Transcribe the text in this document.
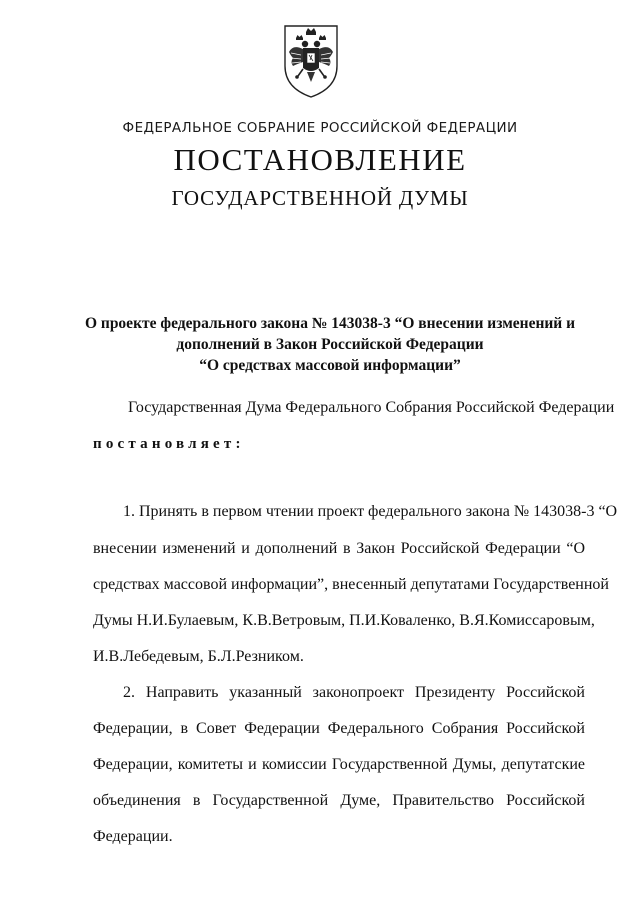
ФЕДЕРАЛЬНОЕ СОБРАНИЕ РОССИЙСКОЙ ФЕДЕРАЦИИ
ПОСТАНОВЛЕНИЕ
ГОСУДАРСТВЕННОЙ ДУМЫ
О проекте федерального закона № 143038-3 “О внесении изменений и
дополнений в Закон Российской Федерации
“О средствах массовой информации”
Государственная Дума Федерального Собрания Российской Федерации
постановляет:
1. Принять в первом чтении проект федерального закона № 143038-3 “О
внесении изменений и дополнений в Закон Российской Федерации “О
средствах массовой информации”, внесенный депутатами Государственной
Думы Н.И.Булаевым, К.В.Ветровым, П.И.Коваленко, В.Я.Комиссаровым,
И.В.Лебедевым, Б.Л.Резником.
2. Направить указанный законопроект Президенту Российской
Федерации, в Совет Федерации Федерального Собрания Российской
Федерации, комитеты и комиссии Государственной Думы, депутатские
объединения в Государственной Думе, Правительство Российской
Федерации.
